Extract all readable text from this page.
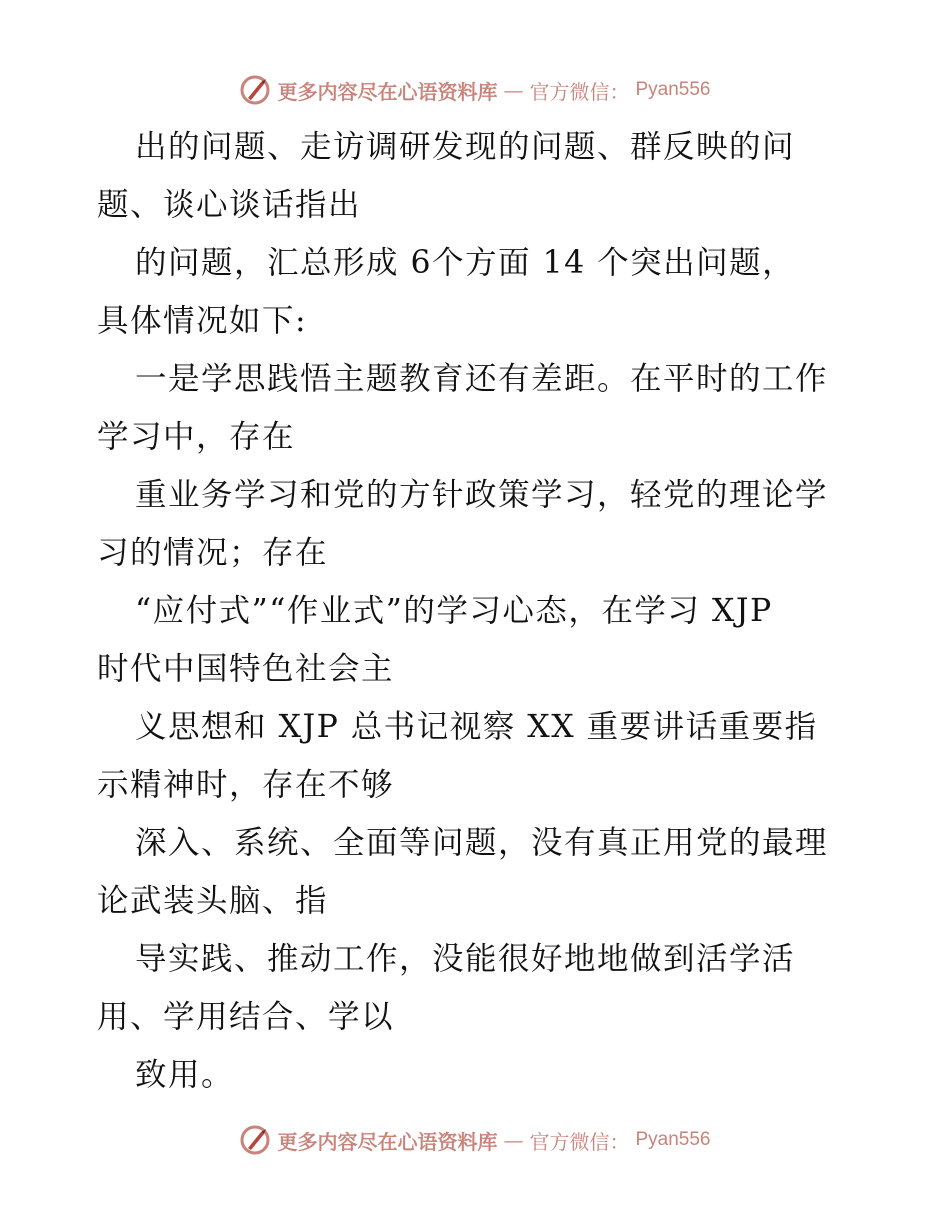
更多内容尽在心语资料库 — 官方微信： Pyan556
出的问题、走访调研发现的问题、群反映的问
题、谈心谈话指出
的问题，汇总形成 6个方面 14 个突出问题，
具体情况如下:
一是学思践悟主题教育还有差距。在平时的工作
学习中，存在
重业务学习和党的方针政策学习，轻党的理论学
习的情况；存在
“应付式”“作业式”的学习心态，在学习 XJP
时代中国特色社会主
义思想和 XJP 总书记视察 XX 重要讲话重要指
示精神时，存在不够
深入、系统、全面等问题，没有真正用党的最理
论武装头脑、指
导实践、推动工作，没能很好地地做到活学活
用、学用结合、学以
致用。
更多内容尽在心语资料库 — 官方微信： Pyan556
